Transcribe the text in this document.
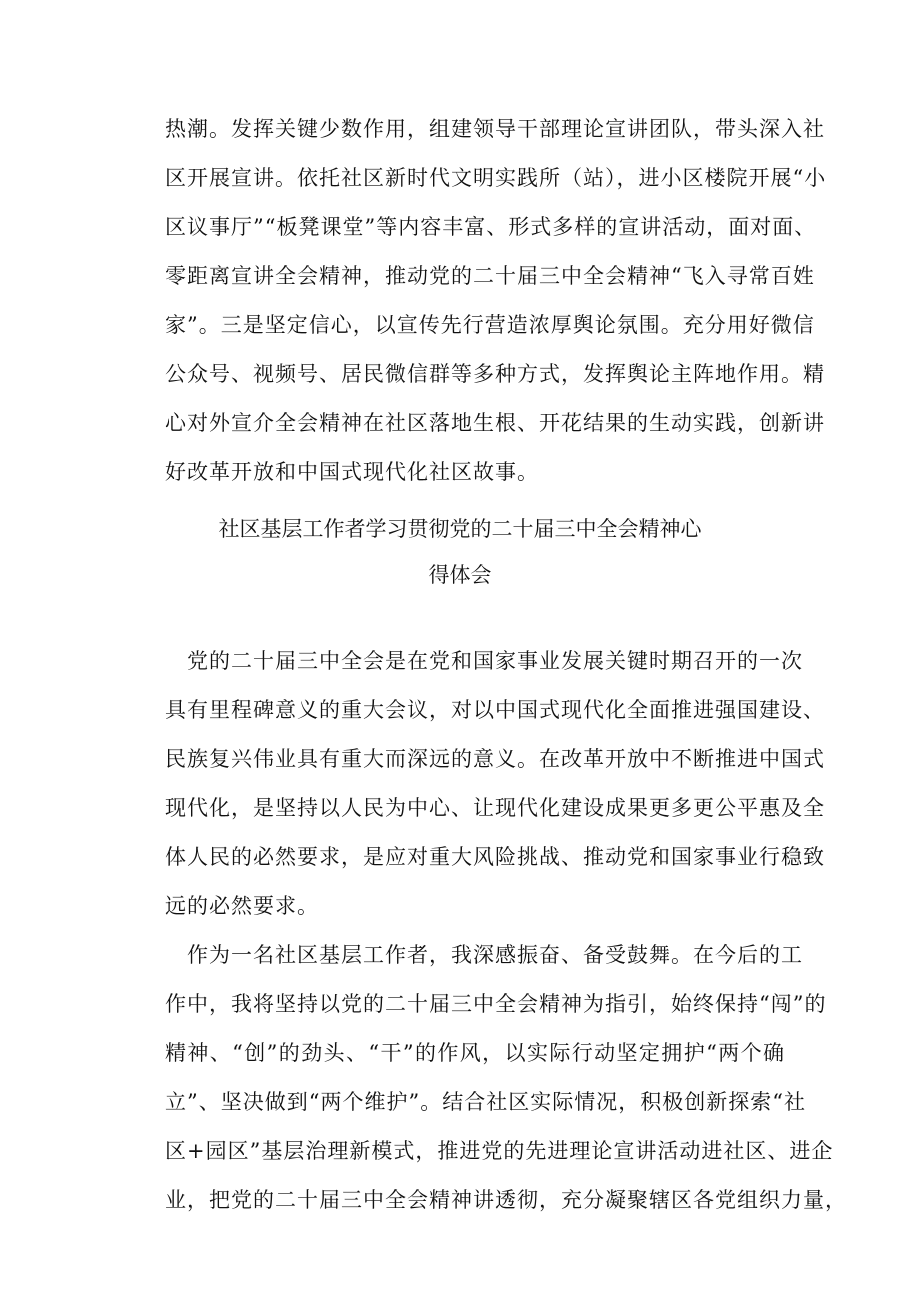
热潮。发挥关键少数作用，组建领导干部理论宣讲团队，带头深入社
区开展宣讲。依托社区新时代文明实践所（站），进小区楼院开展“小
区议事厅”“板凳课堂”等内容丰富、形式多样的宣讲活动，面对面、
零距离宣讲全会精神，推动党的二十届三中全会精神“飞入寻常百姓
家”。三是坚定信心，以宣传先行营造浓厚舆论氛围。充分用好微信
公众号、视频号、居民微信群等多种方式，发挥舆论主阵地作用。精
心对外宣介全会精神在社区落地生根、开花结果的生动实践，创新讲
好改革开放和中国式现代化社区故事。
社区基层工作者学习贯彻党的二十届三中全会精神心
得体会
党的二十届三中全会是在党和国家事业发展关键时期召开的一次
具有里程碑意义的重大会议，对以中国式现代化全面推进强国建设、
民族复兴伟业具有重大而深远的意义。在改革开放中不断推进中国式
现代化，是坚持以人民为中心、让现代化建设成果更多更公平惠及全
体人民的必然要求，是应对重大风险挑战、推动党和国家事业行稳致
远的必然要求。
作为一名社区基层工作者，我深感振奋、备受鼓舞。在今后的工
作中，我将坚持以党的二十届三中全会精神为指引，始终保持“闯”的
精神、“创”的劲头、“干”的作风，以实际行动坚定拥护“两个确
立”、坚决做到“两个维护”。结合社区实际情况，积极创新探索“社
区+园区”基层治理新模式，推进党的先进理论宣讲活动进社区、进企
业，把党的二十届三中全会精神讲透彻，充分凝聚辖区各党组织力量，
